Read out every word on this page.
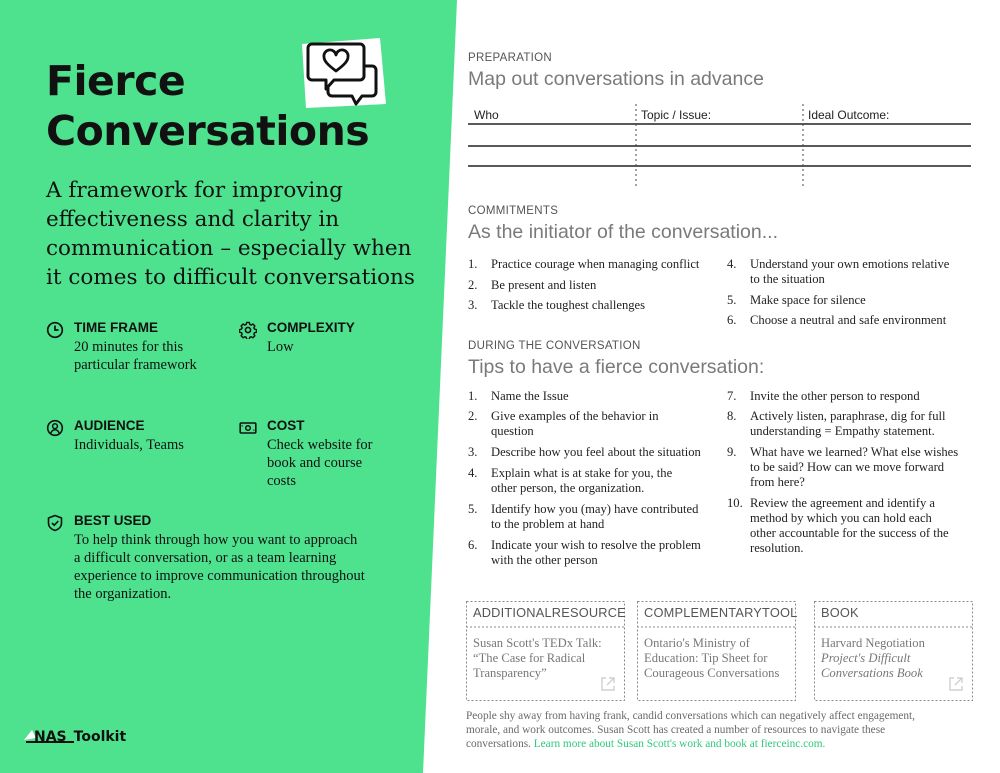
Fierce
Conversations
A framework for improving
effectiveness and clarity in
communication – especially when
it comes to difficult conversations
TIME FRAME
20 minutes for this
particular framework
COMPLEXITY
Low
AUDIENCE
Individuals, Teams
COST
Check website for
book and course
costs
BEST USED
To help think through how you want to approach
a difficult conversation, or as a team learning
experience to improve communication throughout
the organization.
NAS Toolkit
PREPARATION
Map out conversations in advance
Who	Topic / Issue:	Ideal Outcome:
COMMITMENTS
As the initiator of the conversation...
1.	Practice courage when managing conflict
2.	Be present and listen
3.	Tackle the toughest challenges
4.	Understand your own emotions relative
to the situation
5.	Make space for silence
6.	Choose a neutral and safe environment
DURING THE CONVERSATION
Tips to have a fierce conversation:
1.	Name the Issue
2.	Give examples of the behavior in
question
3.	Describe how you feel about the situation
4.	Explain what is at stake for you, the
other person, the organization.
5.	Identify how you (may) have contributed
to the problem at hand
6.	Indicate your wish to resolve the problem
with the other person
7.	Invite the other person to respond
8.	Actively listen, paraphrase, dig for full
understanding = Empathy statement.
9.	What have we learned? What else wishes
to be said? How can we move forward
from here?
10. Review the agreement and identify a
method by which you can hold each
other accountable for the success of the
resolution.
ADDITIONALRESOURCE
Susan Scott's TEDx Talk:
“The Case for Radical
Transparency”
COMPLEMENTARYTOOL
Ontario's Ministry of
Education: Tip Sheet for
Courageous Conversations
BOOK
Harvard Negotiation
Project's Difficult
Conversations Book
People shy away from having frank, candid conversations which can negatively affect engagement,
morale, and work outcomes. Susan Scott has created a number of resources to navigate these
conversations. Learn more about Susan Scott's work and book at fierceinc.com.
